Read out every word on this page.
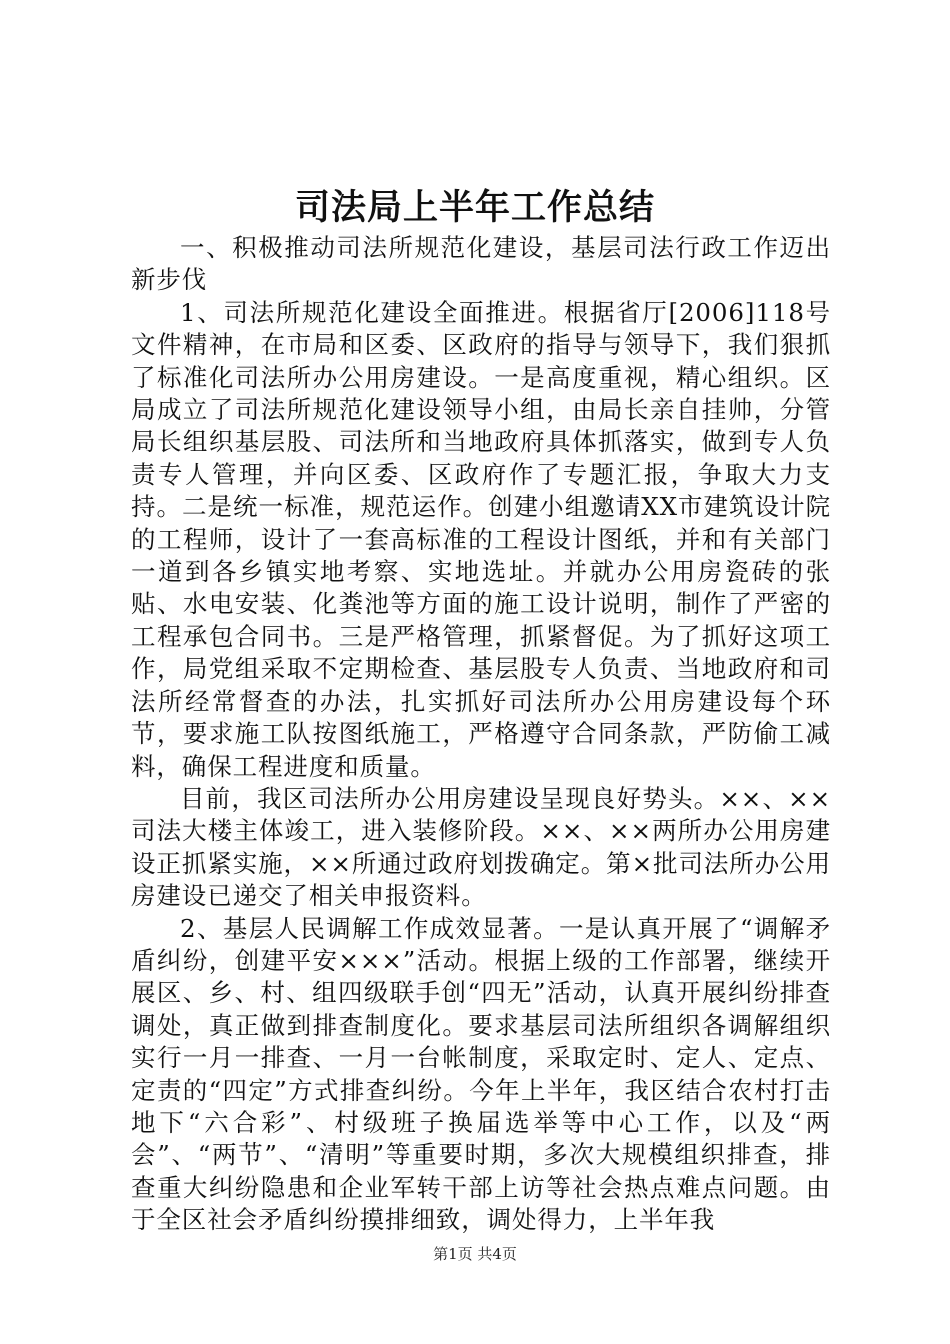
司法局上半年工作总结

一、积极推动司法所规范化建设，基层司法行政工作迈出新步伐

1、司法所规范化建设全面推进。根据省厅[2006]118号文件精神，在市局和区委、区政府的指导与领导下，我们狠抓了标准化司法所办公用房建设。一是高度重视，精心组织。区局成立了司法所规范化建设领导小组，由局长亲自挂帅，分管局长组织基层股、司法所和当地政府具体抓落实，做到专人负责专人管理，并向区委、区政府作了专题汇报，争取大力支持。二是统一标准，规范运作。创建小组邀请XX市建筑设计院的工程师，设计了一套高标准的工程设计图纸，并和有关部门一道到各乡镇实地考察、实地选址。并就办公用房瓷砖的张贴、水电安装、化粪池等方面的施工设计说明，制作了严密的工程承包合同书。三是严格管理，抓紧督促。为了抓好这项工作，局党组采取不定期检查、基层股专人负责、当地政府和司法所经常督查的办法，扎实抓好司法所办公用房建设每个环节，要求施工队按图纸施工，严格遵守合同条款，严防偷工减料，确保工程进度和质量。

目前，我区司法所办公用房建设呈现良好势头。××、××司法大楼主体竣工，进入装修阶段。××、××两所办公用房建设正抓紧实施，××所通过政府划拨确定。第×批司法所办公用房建设已递交了相关申报资料。

2、基层人民调解工作成效显著。一是认真开展了“调解矛盾纠纷，创建平安×××”活动。根据上级的工作部署，继续开展区、乡、村、组四级联手创“四无”活动，认真开展纠纷排查调处，真正做到排查制度化。要求基层司法所组织各调解组织实行一月一排查、一月一台帐制度，采取定时、定人、定点、定责的“四定”方式排查纠纷。今年上半年，我区结合农村打击地下“六合彩”、村级班子换届选举等中心工作，以及“两会”、“两节”、“清明”等重要时期，多次大规模组织排查，排查重大纠纷隐患和企业军转干部上访等社会热点难点问题。由于全区社会矛盾纠纷摸排细致，调处得力，上半年我

第1页 共4页
